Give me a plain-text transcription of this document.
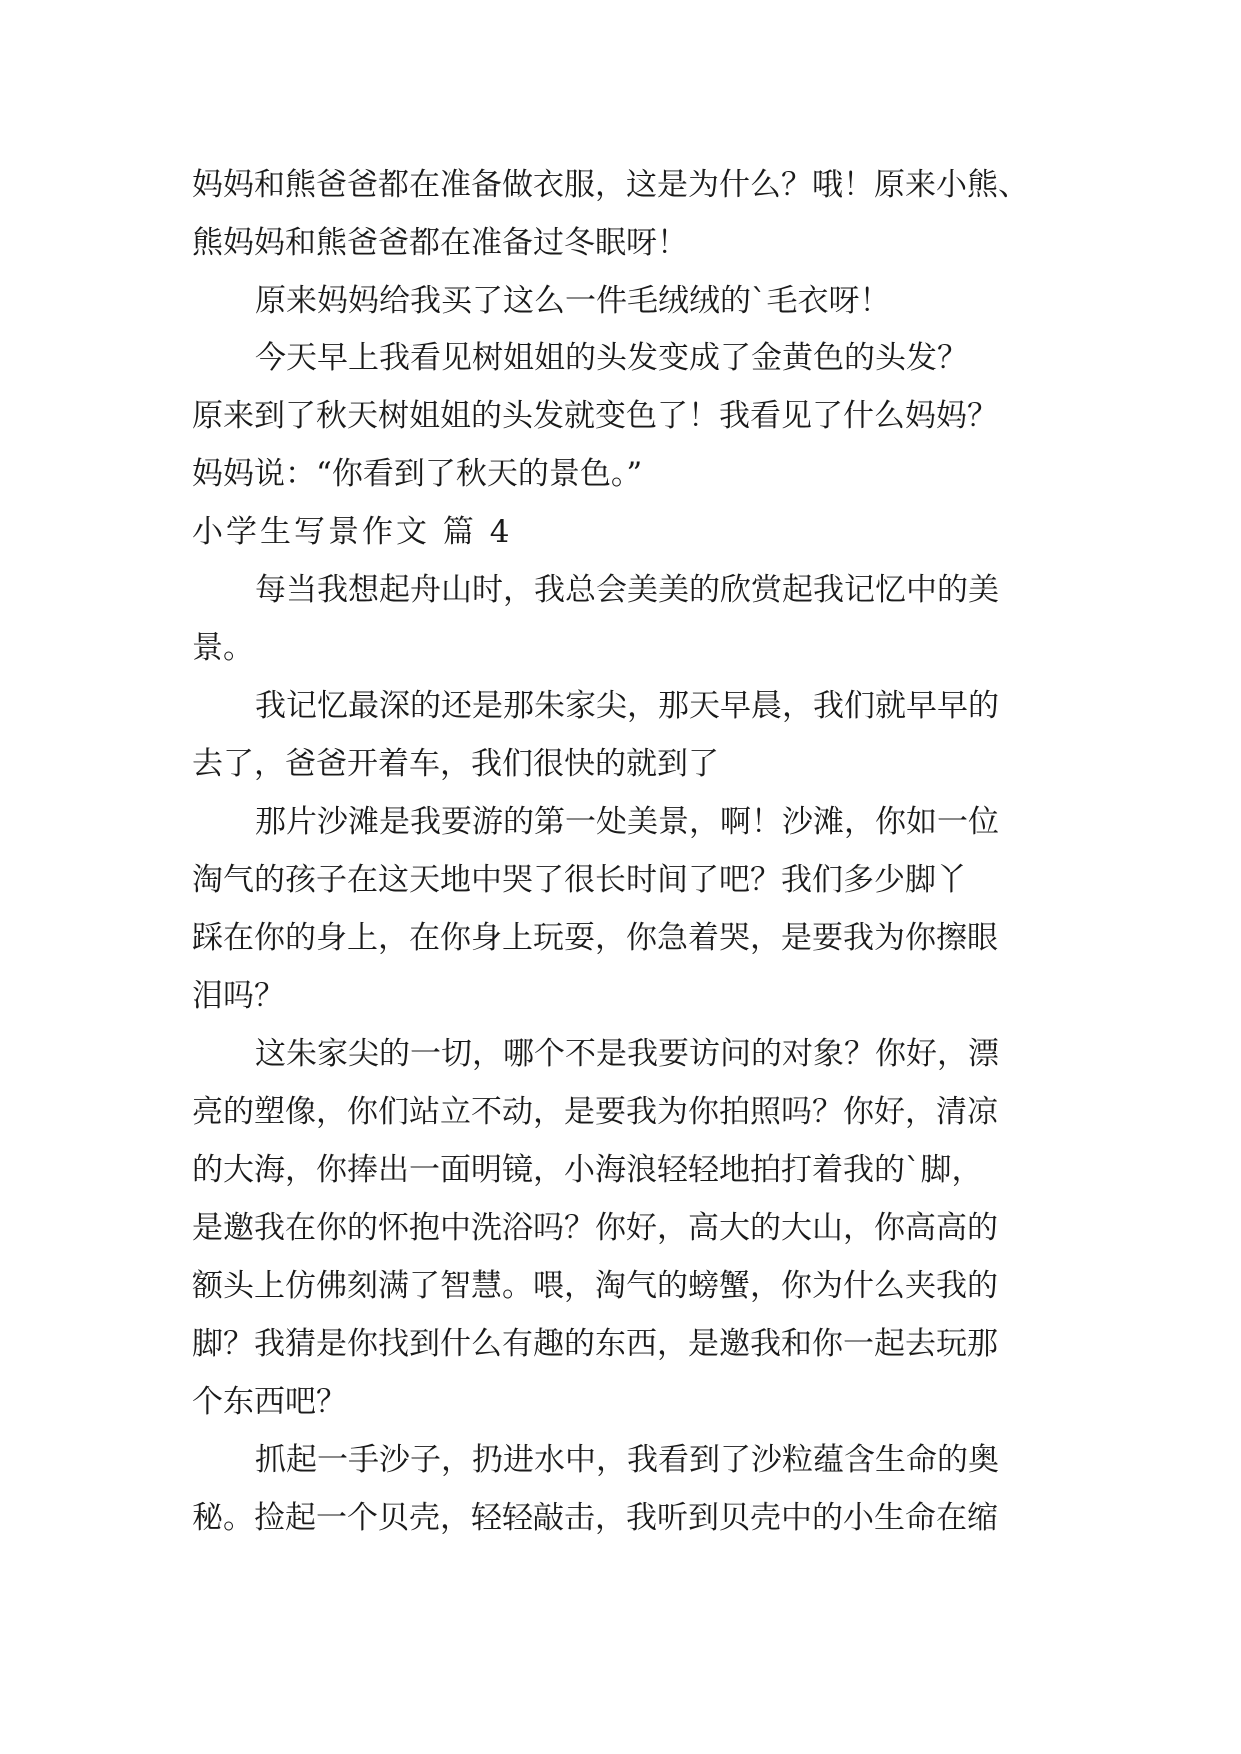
妈妈和熊爸爸都在准备做衣服，这是为什么？哦！原来小熊、

熊妈妈和熊爸爸都在准备过冬眠呀！

原来妈妈给我买了这么一件毛绒绒的`毛衣呀！

今天早上我看见树姐姐的头发变成了金黄色的头发？

原来到了秋天树姐姐的头发就变色了！我看见了什么妈妈？

妈妈说：“你看到了秋天的景色。”

小学生写景作文 篇 4

每当我想起舟山时，我总会美美的欣赏起我记忆中的美

景。

我记忆最深的还是那朱家尖，那天早晨，我们就早早的

去了，爸爸开着车，我们很快的就到了

那片沙滩是我要游的第一处美景，啊！沙滩，你如一位

淘气的孩子在这天地中哭了很长时间了吧？我们多少脚丫

踩在你的身上，在你身上玩耍，你急着哭，是要我为你擦眼

泪吗？

这朱家尖的一切，哪个不是我要访问的对象？你好，漂

亮的塑像，你们站立不动，是要我为你拍照吗？你好，清凉

的大海，你捧出一面明镜，小海浪轻轻地拍打着我的`脚，

是邀我在你的怀抱中洗浴吗？你好，高大的大山，你高高的

额头上仿佛刻满了智慧。喂，淘气的螃蟹，你为什么夹我的

脚？我猜是你找到什么有趣的东西，是邀我和你一起去玩那

个东西吧？

抓起一手沙子，扔进水中，我看到了沙粒蕴含生命的奥

秘。捡起一个贝壳，轻轻敲击，我听到贝壳中的小生命在缩
